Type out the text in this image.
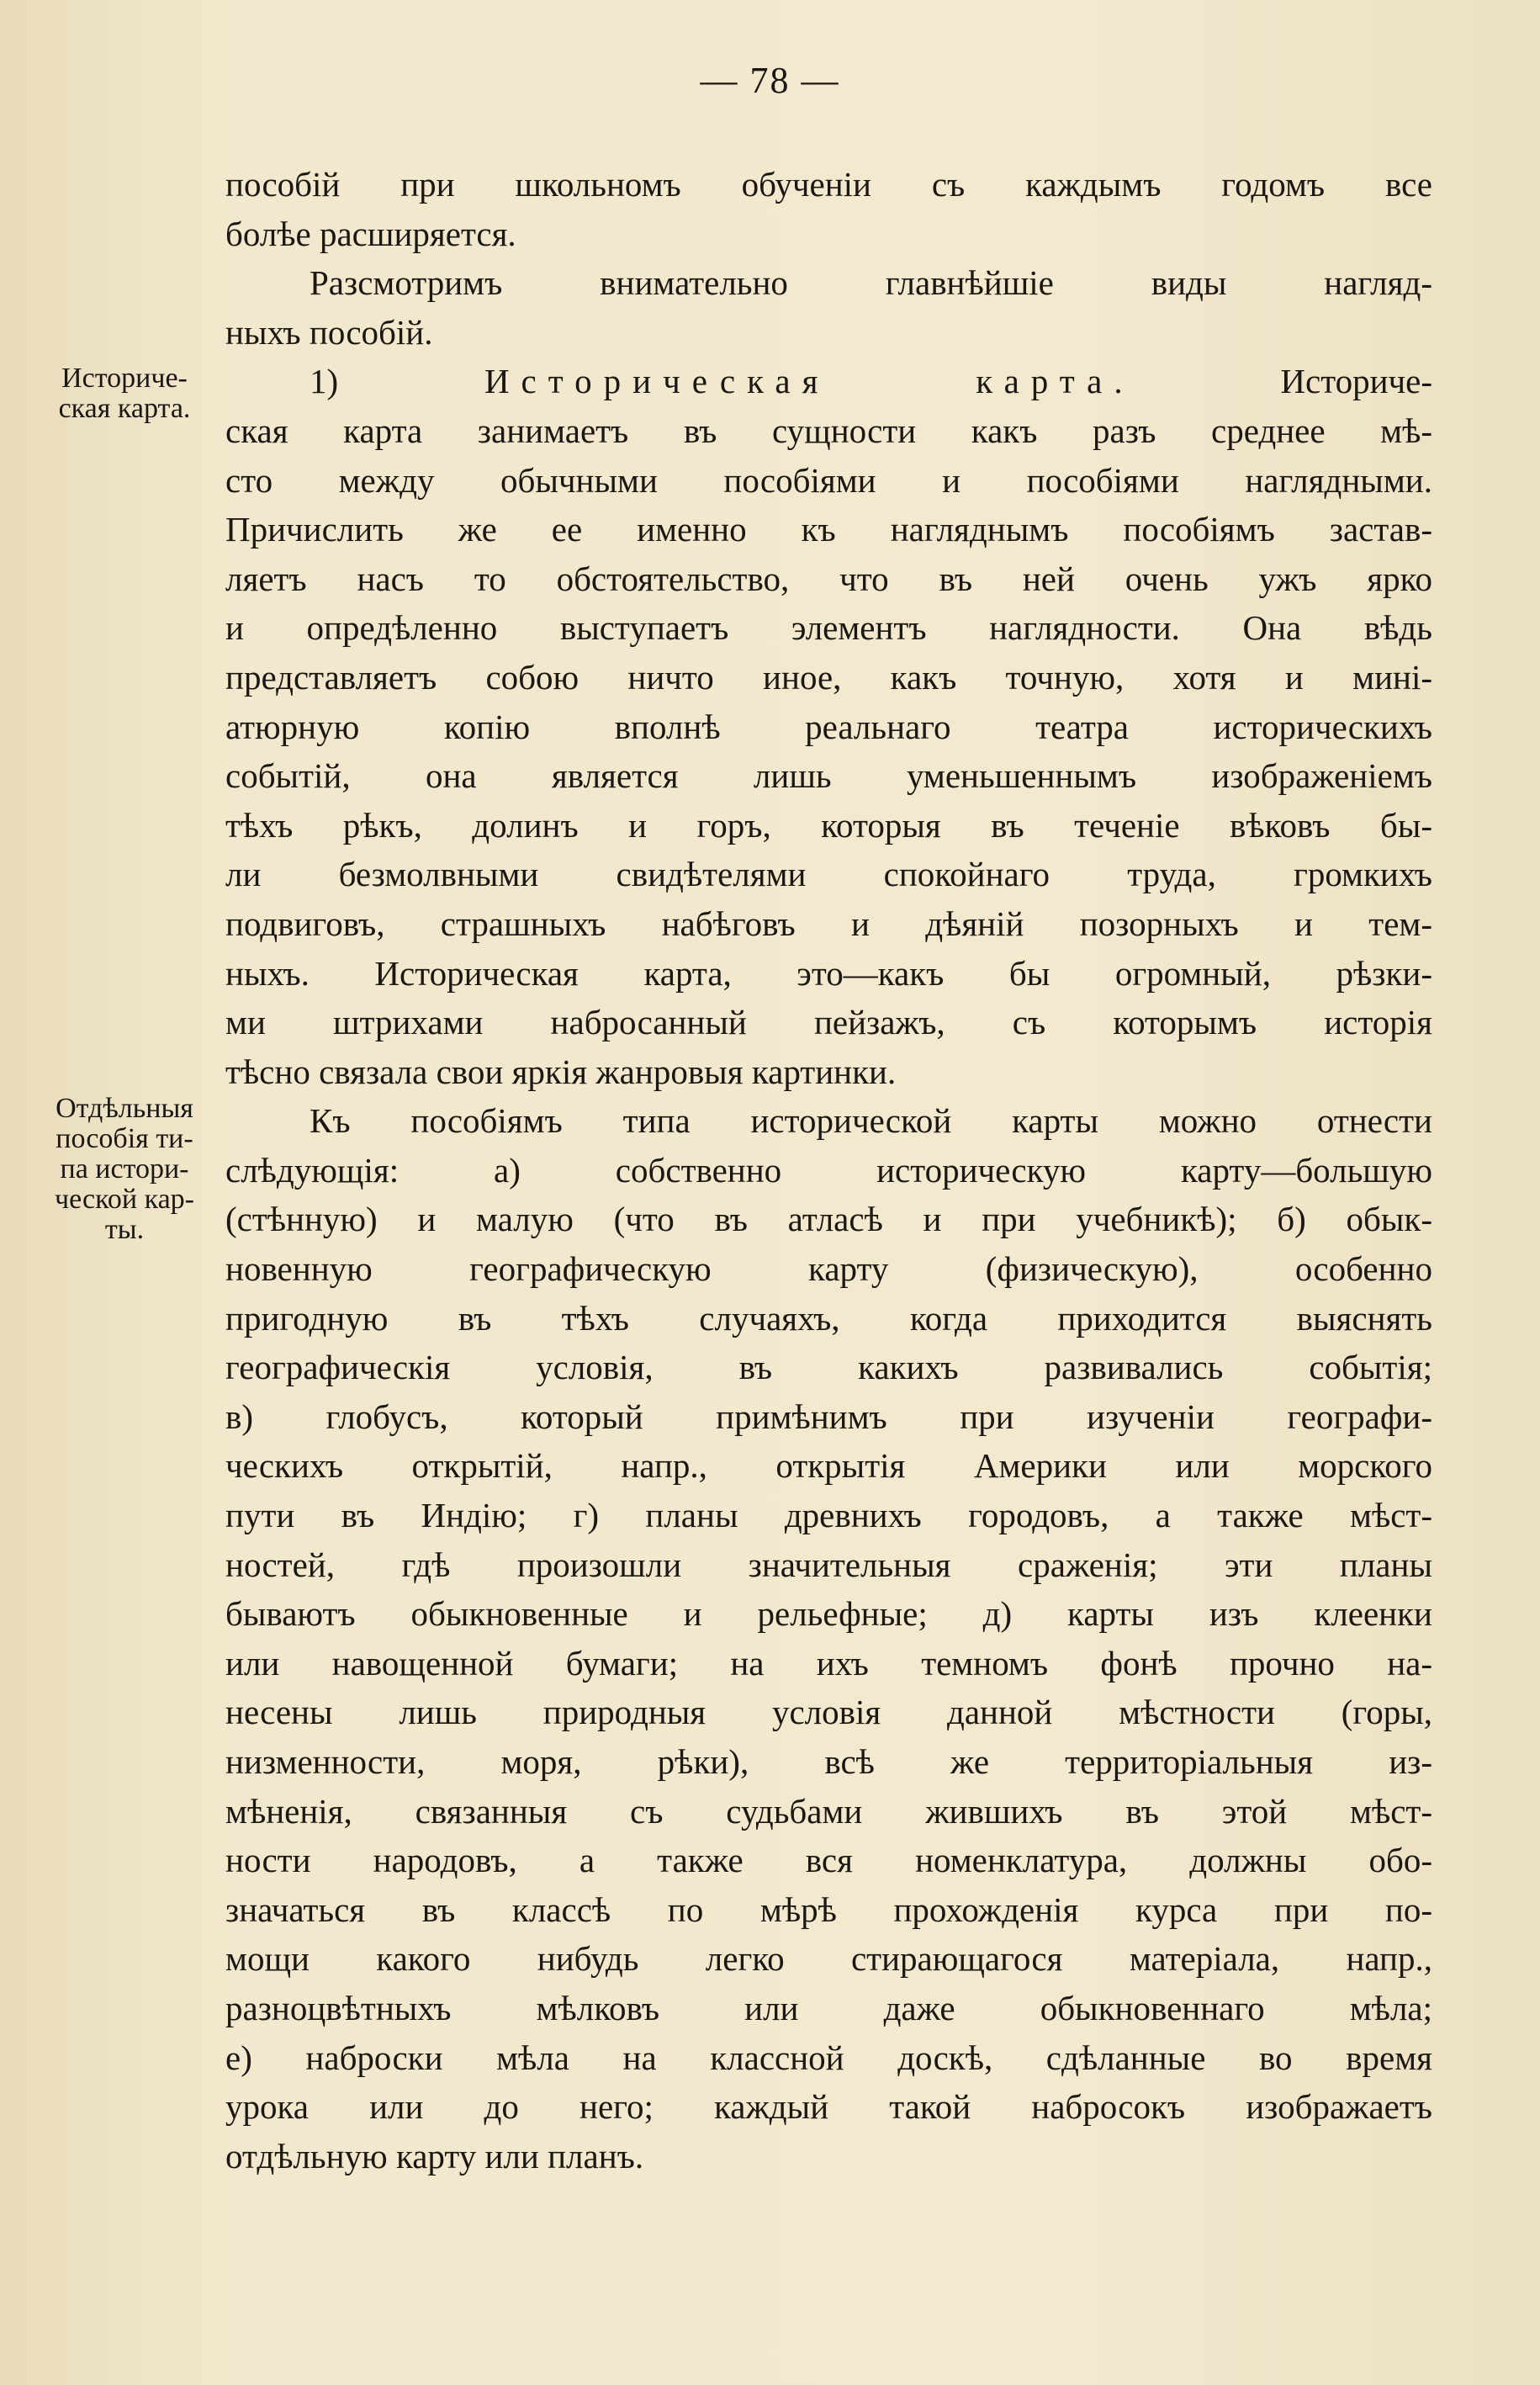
— 78 —
Историче-
ская карта.
Отдѣльныя
пособія ти-
па истори-
ческой кар-
ты.
пособій при школьномъ обученіи съ каждымъ годомъ все
болѣе расширяется.
Разсмотримъ внимательно главнѣйшіе виды нагляд-
ныхъ пособій.
1) Историческая	карта. Историче-
ская карта занимаетъ въ сущности какъ разъ среднее мѣ-
сто между обычными пособіями и пособіями наглядными.
Причислить же ее именно къ нагляднымъ пособіямъ застав-
ляетъ насъ то обстоятельство, что въ ней очень ужъ ярко
и опредѣленно выступаетъ элементъ наглядности. Она вѣдь
представляетъ собою ничто иное, какъ точную, хотя и мині-
атюрную копію вполнѣ реальнаго театра историческихъ
событій, она является лишь уменьшеннымъ изображеніемъ
тѣхъ рѣкъ, долинъ и горъ, которыя въ теченіе вѣковъ бы-
ли безмолвными свидѣтелями спокойнаго труда, громкихъ
подвиговъ, страшныхъ набѣговъ и дѣяній позорныхъ и тем-
ныхъ. Историческая карта, это—какъ бы огромный, рѣзки-
ми штрихами набросанный пейзажъ, съ которымъ исторія
тѣсно связала свои яркія жанровыя картинки.
Къ пособіямъ типа исторической карты можно отнести
слѣдующія: а) собственно историческую карту—большую
(стѣнную) и малую (что въ атласѣ и при учебникѣ); б) обык-
новенную географическую карту (физическую), особенно
пригодную въ тѣхъ случаяхъ, когда приходится выяснять
географическія условія, въ какихъ развивались событія;
в) глобусъ, который примѣнимъ при изученіи географи-
ческихъ открытій, напр., открытія Америки или морского
пути въ Индію; г) планы древнихъ городовъ, а также мѣст-
ностей, гдѣ произошли значительныя сраженія; эти планы
бываютъ обыкновенные и рельефные; д) карты изъ клеенки
или навощенной бумаги; на ихъ темномъ фонѣ прочно на-
несены лишь природныя условія данной мѣстности (горы,
низменности, моря, рѣки), всѣ же территоріальныя из-
мѣненія, связанныя съ судьбами жившихъ въ этой мѣст-
ности народовъ, а также вся номенклатура, должны обо-
значаться въ классѣ по мѣрѣ прохожденія курса при по-
мощи какого нибудь легко стирающагося матеріала, напр.,
разноцвѣтныхъ мѣлковъ или даже обыкновеннаго мѣла;
е) наброски мѣла на классной доскѣ, сдѣланные во время
урока или до него; каждый такой набросокъ изображаетъ
отдѣльную карту или планъ.
